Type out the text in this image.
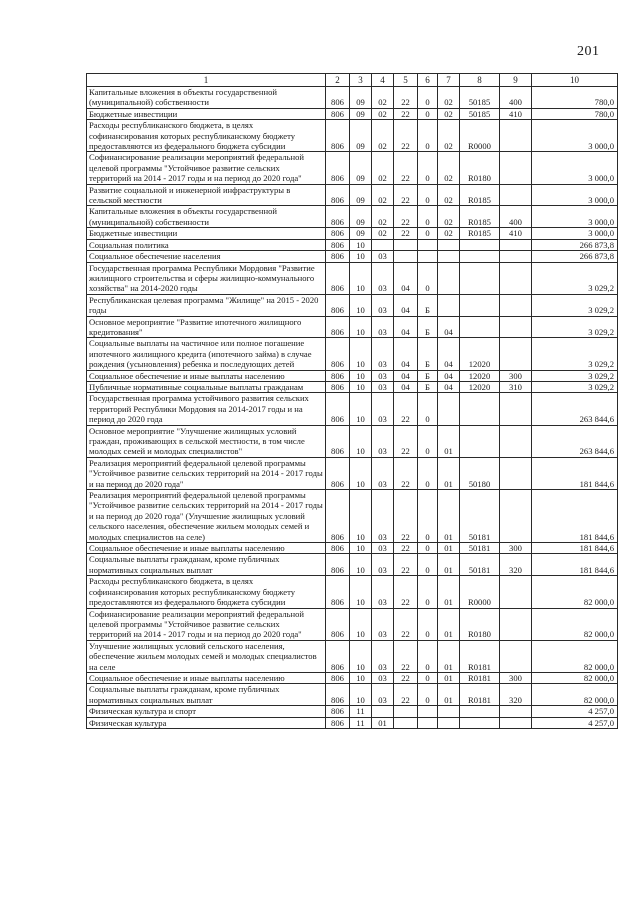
201
1	2	3	4	5	6	7	8	9	10
Капитальные вложения в объекты государственной (муниципальной) собственности	806	09	02	22	0	02	50185	400	780,0
Бюджетные инвестиции	806	09	02	22	0	02	50185	410	780,0
Расходы республиканского бюджета, в целях софинансирования которых республиканскому бюджету предоставляются из федерального бюджета субсидии	806	09	02	22	0	02	R0000		3 000,0
Софинансирование реализации мероприятий федеральной целевой программы "Устойчивое развитие сельских территорий на 2014 - 2017 годы и на период до 2020 года"	806	09	02	22	0	02	R0180		3 000,0
Развитие социальной и инженерной инфраструктуры в сельской местности	806	09	02	22	0	02	R0185		3 000,0
Капитальные вложения в объекты государственной (муниципальной) собственности	806	09	02	22	0	02	R0185	400	3 000,0
Бюджетные инвестиции	806	09	02	22	0	02	R0185	410	3 000,0
Социальная политика	806	10							266 873,8
Социальное обеспечение населения	806	10	03						266 873,8
Государственная программа Республики Мордовия "Развитие жилищного строительства и сферы жилищно-коммунального хозяйства" на 2014-2020 годы	806	10	03	04	0				3 029,2
Республиканская целевая программа "Жилище" на 2015 - 2020 годы	806	10	03	04	Б				3 029,2
Основное мероприятие "Развитие ипотечного жилищного кредитования"	806	10	03	04	Б	04			3 029,2
Социальные выплаты на частичное или полное погашение ипотечного жилищного кредита (ипотечного займа) в случае рождения (усыновления) ребенка и последующих детей	806	10	03	04	Б	04	12020		3 029,2
Социальное обеспечение и иные выплаты населению	806	10	03	04	Б	04	12020	300	3 029,2
Публичные нормативные социальные выплаты гражданам	806	10	03	04	Б	04	12020	310	3 029,2
Государственная программа устойчивого развития сельских территорий Республики Мордовия на 2014-2017 годы и на период до 2020 года	806	10	03	22	0				263 844,6
Основное мероприятие "Улучшение жилищных условий граждан, проживающих в сельской местности, в том числе молодых семей и молодых специалистов"	806	10	03	22	0	01			263 844,6
Реализация мероприятий федеральной целевой программы "Устойчивое развитие сельских территорий на 2014 - 2017 годы и на период до 2020 года"	806	10	03	22	0	01	50180		181 844,6
Реализация мероприятий федеральной целевой программы "Устойчивое развитие сельских территорий на 2014 - 2017 годы и на период до 2020 года" (Улучшение жилищных условий сельского населения, обеспечение жильем молодых семей и молодых специалистов на селе)	806	10	03	22	0	01	50181		181 844,6
Социальное обеспечение и иные выплаты населению	806	10	03	22	0	01	50181	300	181 844,6
Социальные выплаты гражданам, кроме публичных нормативных социальных выплат	806	10	03	22	0	01	50181	320	181 844,6
Расходы республиканского бюджета, в целях софинансирования которых республиканскому бюджету предоставляются из федерального бюджета субсидии	806	10	03	22	0	01	R0000		82 000,0
Софинансирование реализации мероприятий федеральной целевой программы "Устойчивое развитие сельских территорий на 2014 - 2017 годы и на период до 2020 года"	806	10	03	22	0	01	R0180		82 000,0
Улучшение жилищных условий сельского населения, обеспечение жильем молодых семей и молодых специалистов на селе	806	10	03	22	0	01	R0181		82 000,0
Социальное обеспечение и иные выплаты населению	806	10	03	22	0	01	R0181	300	82 000,0
Социальные выплаты гражданам, кроме публичных нормативных социальных выплат	806	10	03	22	0	01	R0181	320	82 000,0
Физическая культура и спорт	806	11							4 257,0
Физическая культура	806	11	01						4 257,0
